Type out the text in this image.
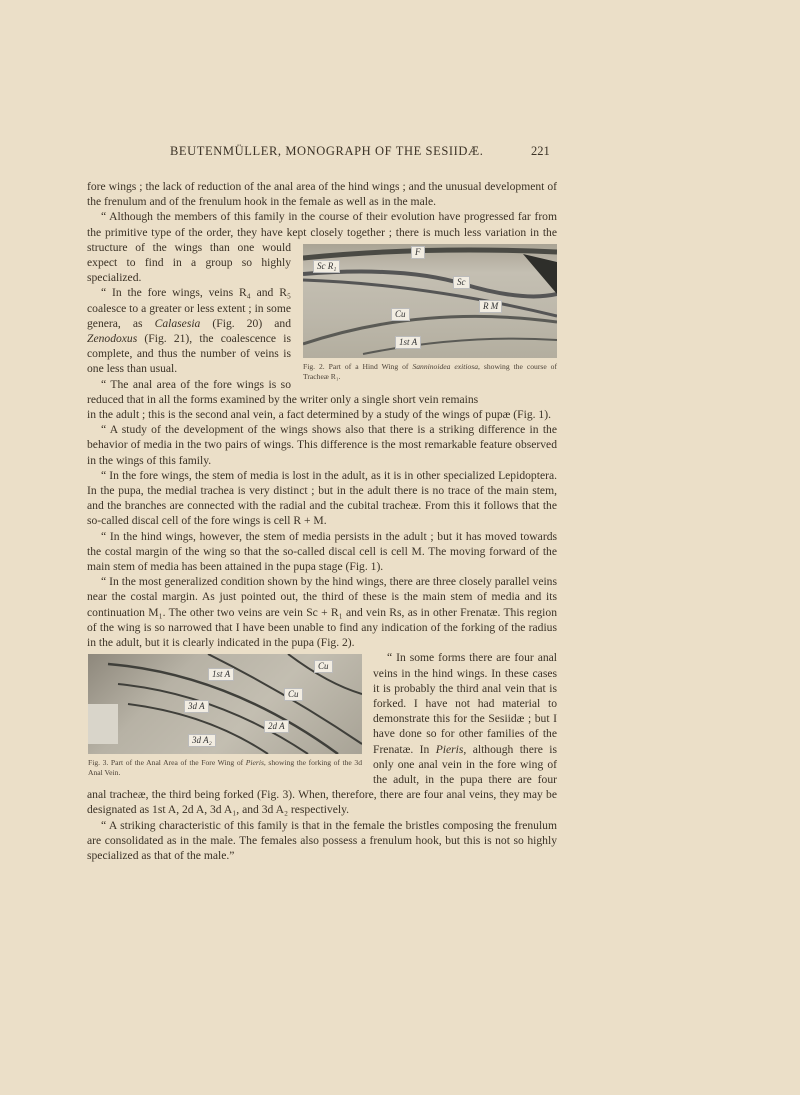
BEUTENMÜLLER, MONOGRAPH OF THE SESIIDÆ.	221

fore wings ; the lack of reduction of the anal area of the hind wings ; and the unusual development of the frenulum and of the frenulum hook in the female as well as in the male.

“ Although the members of this family in the course of their evolution have progressed far from the primitive type of the order, they have kept closely together ; there is much less variation in the

F
Sc R₁
Sc
R M
Cu
1st A
Fig. 2. Part of a Hind Wing of Sanninoidea exitiosa, showing the course of Tracheæ R₁.

structure of the wings than one would expect to find in a group so highly specialized.

“ In the fore wings, veins R₄ and R₅ coalesce to a greater or less extent ; in some genera, as Calasesia (Fig. 20) and Zenodoxus (Fig. 21), the coalescence is complete, and thus the number of veins is one less than usual.

“ The anal area of the fore wings is so reduced that in all the forms examined by the writer only a single short vein remains

in the adult ; this is the second anal vein, a fact determined by a study of the wings of pupæ (Fig. 1).

“ A study of the development of the wings shows also that there is a striking difference in the behavior of media in the two pairs of wings. This difference is the most remarkable feature observed in the wings of this family.

“ In the fore wings, the stem of media is lost in the adult, as it is in other specialized Lepidoptera. In the pupa, the medial trachea is very distinct ; but in the adult there is no trace of the main stem, and the branches are connected with the radial and the cubital tracheæ. From this it follows that the so-called discal cell of the fore wings is cell R + M.

“ In the hind wings, however, the stem of media persists in the adult ; but it has moved towards the costal margin of the wing so that the so-called discal cell is cell M. The moving forward of the main stem of media has been attained in the pupa stage (Fig. 1).

“ In the most generalized condition shown by the hind wings, there are three closely parallel veins near the costal margin. As just pointed out, the third of these is the main stem of media and its continuation M₁. The other two veins are vein Sc + R₁ and vein Rs, as in other Frenatæ. This region of the wing is so narrowed that I have been unable to find any indication of the forking of the radius in the adult, but it is clearly indicated in the pupa (Fig. 2).

1st A
Cu
Cu
3d A
2d A
3d A₂
Fig. 3. Part of the Anal Area of the Fore Wing of Pieris, showing the forking of the 3d Anal Vein.

“ In some forms there are four anal veins in the hind wings. In these cases it is probably the third anal vein that is forked. I have not had material to demonstrate this for the Sesiidæ ; but I have done so for other families of the Frenatæ. In Pieris, although there is only one anal vein in the fore wing of the adult, in the pupa there are four anal tracheæ, the third being forked (Fig. 3). When, therefore, there are four anal veins, they may be designated as 1st A, 2d A, 3d A₁, and 3d A₂ respectively.

“ A striking characteristic of this family is that in the female the bristles composing the frenulum are consolidated as in the male. The females also possess a frenulum hook, but this is not so highly specialized as that of the male.”
